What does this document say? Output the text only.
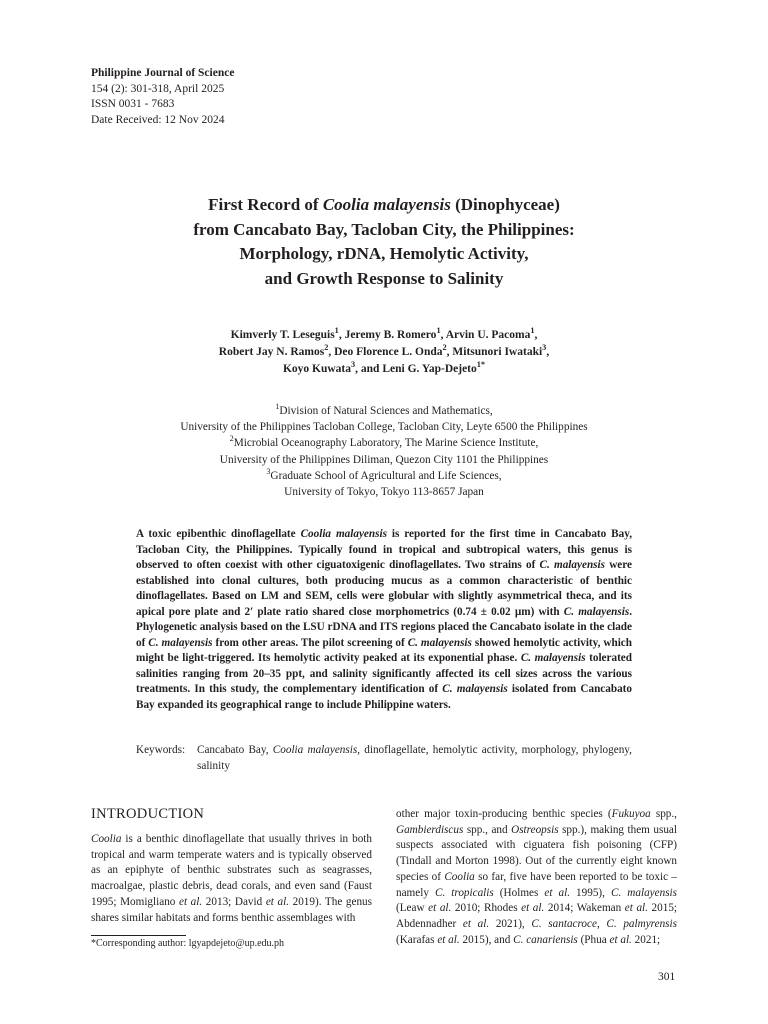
Philippine Journal of Science
154 (2): 301-318, April 2025
ISSN 0031 - 7683
Date Received: 12 Nov 2024
First Record of Coolia malayensis (Dinophyceae)
from Cancabato Bay, Tacloban City, the Philippines:
Morphology, rDNA, Hemolytic Activity,
and Growth Response to Salinity
Kimverly T. Leseguis$^1$, Jeremy B. Romero$^1$, Arvin U. Pacoma$^1$,
Robert Jay N. Ramos$^2$, Deo Florence L. Onda$^2$, Mitsunori Iwataki$^3$,
Koyo Kuwata$^3$, and Leni G. Yap-Dejeto$^{1*}$
$^1$Division of Natural Sciences and Mathematics,
University of the Philippines Tacloban College, Tacloban City, Leyte 6500 the Philippines
$^2$Microbial Oceanography Laboratory, The Marine Science Institute,
University of the Philippines Diliman, Quezon City 1101 the Philippines
$^3$Graduate School of Agricultural and Life Sciences,
University of Tokyo, Tokyo 113-8657 Japan
A toxic epibenthic dinoflagellate Coolia malayensis is reported for the first time in Cancabato Bay, Tacloban City, the Philippines. Typically found in tropical and subtropical waters, this genus is observed to often coexist with other ciguatoxigenic dinoflagellates. Two strains of C. malayensis were established into clonal cultures, both producing mucus as a common characteristic of benthic dinoflagellates. Based on LM and SEM, cells were globular with slightly asymmetrical theca, and its apical pore plate and 2′ plate ratio shared close morphometrics (0.74 ± 0.02 µm) with C. malayensis. Phylogenetic analysis based on the LSU rDNA and ITS regions placed the Cancabato isolate in the clade of C. malayensis from other areas. The pilot screening of C. malayensis showed hemolytic activity, which might be light-triggered. Its hemolytic activity peaked at its exponential phase. C. malayensis tolerated salinities ranging from 20–35 ppt, and salinity significantly affected its cell sizes across the various treatments. In this study, the complementary identification of C. malayensis isolated from Cancabato Bay expanded its geographical range to include Philippine waters.
Keywords: Cancabato Bay, Coolia malayensis, dinoflagellate, hemolytic activity, morphology, phylogeny, salinity
INTRODUCTION
Coolia is a benthic dinoflagellate that usually thrives in both tropical and warm temperate waters and is typically observed as an epiphyte of benthic substrates such as seagrasses, macroalgae, plastic debris, dead corals, and even sand (Faust 1995; Momigliano et al. 2013; David et al. 2019). The genus shares similar habitats and forms benthic assemblages with
other major toxin-producing benthic species (Fukuyoa spp., Gambierdiscus spp., and Ostreopsis spp.), making them usual suspects associated with ciguatera fish poisoning (CFP) (Tindall and Morton 1998). Out of the currently eight known species of Coolia so far, five have been reported to be toxic – namely C. tropicalis (Holmes et al. 1995), C. malayensis (Leaw et al. 2010; Rhodes et al. 2014; Wakeman et al. 2015; Abdennadher et al. 2021), C. santacroce, C. palmyrensis (Karafas et al. 2015), and C. canariensis (Phua et al. 2021;
*Corresponding author: lgyapdejeto@up.edu.ph
301
